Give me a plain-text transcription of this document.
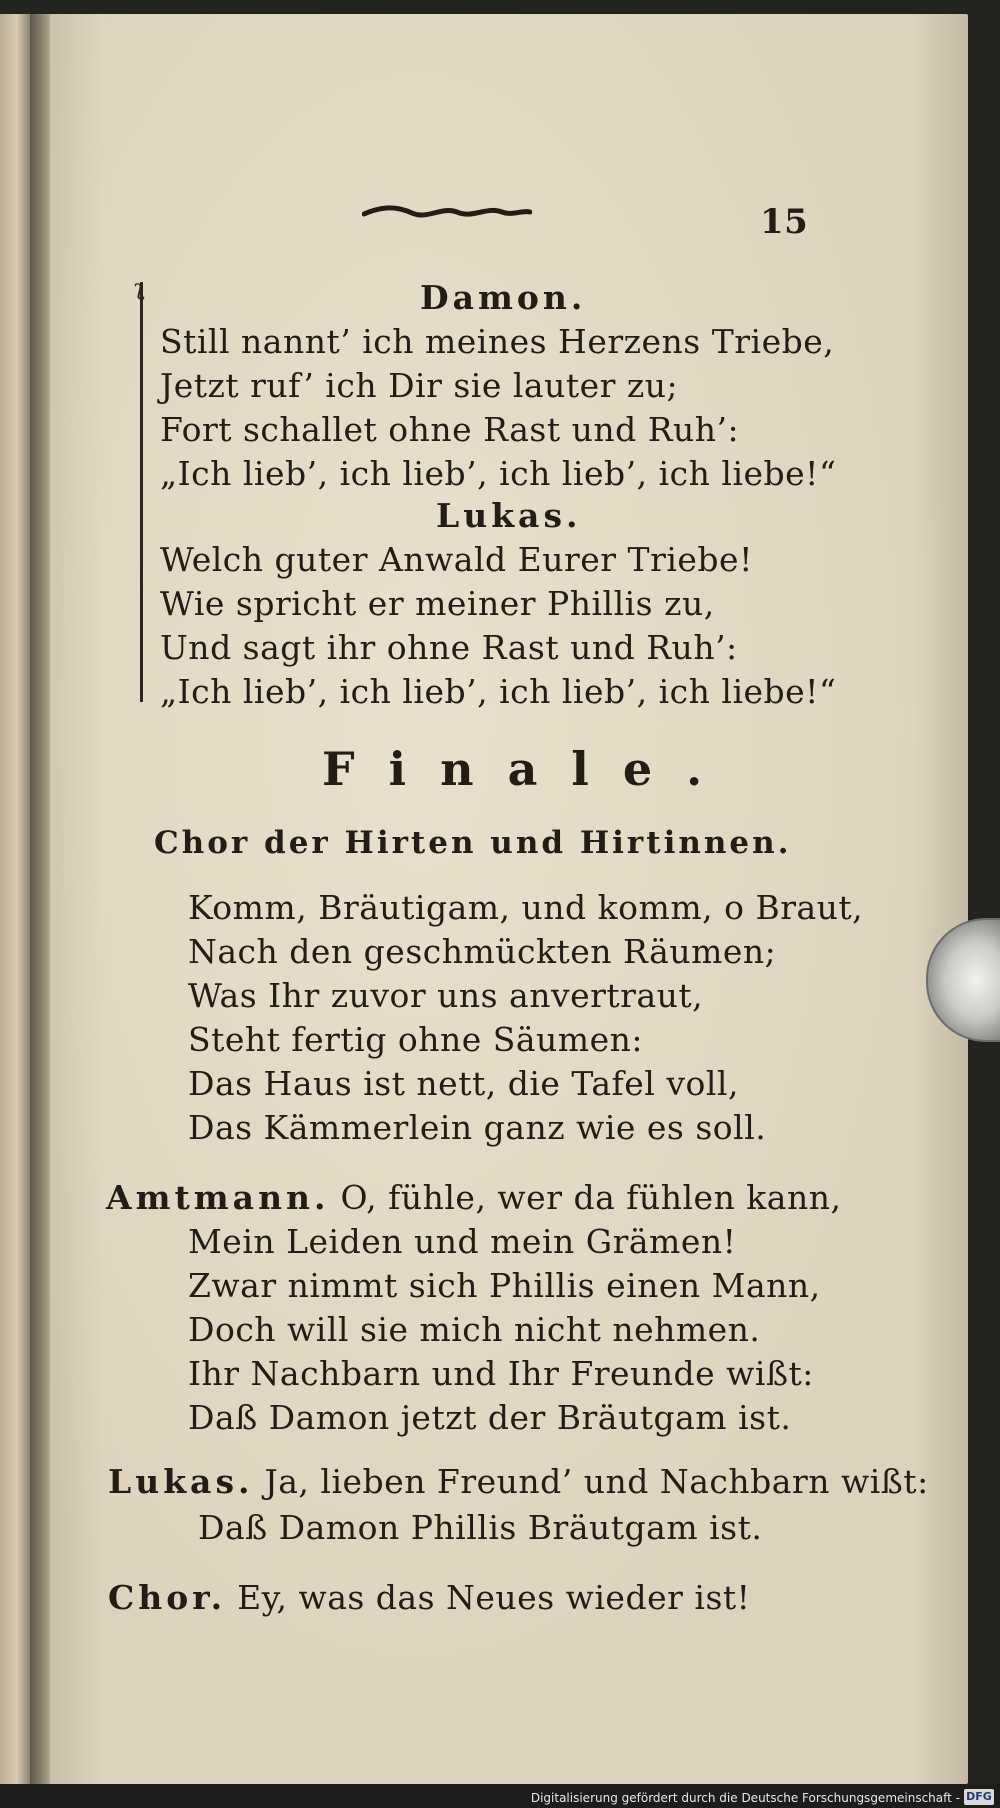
15
ʅ	Damon.
Still nannt’ ich meines Herzens Triebe,
Jetzt ruf’ ich Dir sie lauter zu;
Fort schallet ohne Rast und Ruh’:
„Ich lieb’, ich lieb’, ich lieb’, ich liebe!“
Lukas.
Welch guter Anwald Eurer Triebe!
Wie spricht er meiner Phillis zu,
Und sagt ihr ohne Rast und Ruh’:
„Ich lieb’, ich lieb’, ich lieb’, ich liebe!“
Finale.
Chor der Hirten und Hirtinnen.
Komm, Bräutigam, und komm, o Braut,
Nach den geschmückten Räumen;
Was Ihr zuvor uns anvertraut,
Steht fertig ohne Säumen:
Das Haus ist nett, die Tafel voll,
Das Kämmerlein ganz wie es soll.
Amtmann. O, fühle, wer da fühlen kann,
Mein Leiden und mein Grämen!
Zwar nimmt sich Phillis einen Mann,
Doch will sie mich nicht nehmen.
Ihr Nachbarn und Ihr Freunde wißt:
Daß Damon jetzt der Bräutgam ist.
Lukas. Ja, lieben Freund’ und Nachbarn wißt:
Daß Damon Phillis Bräutgam ist.
Chor. Ey, was das Neues wieder ist!
Digitalisierung gefördert durch die Deutsche Forschungsgemeinschaft - DFG
